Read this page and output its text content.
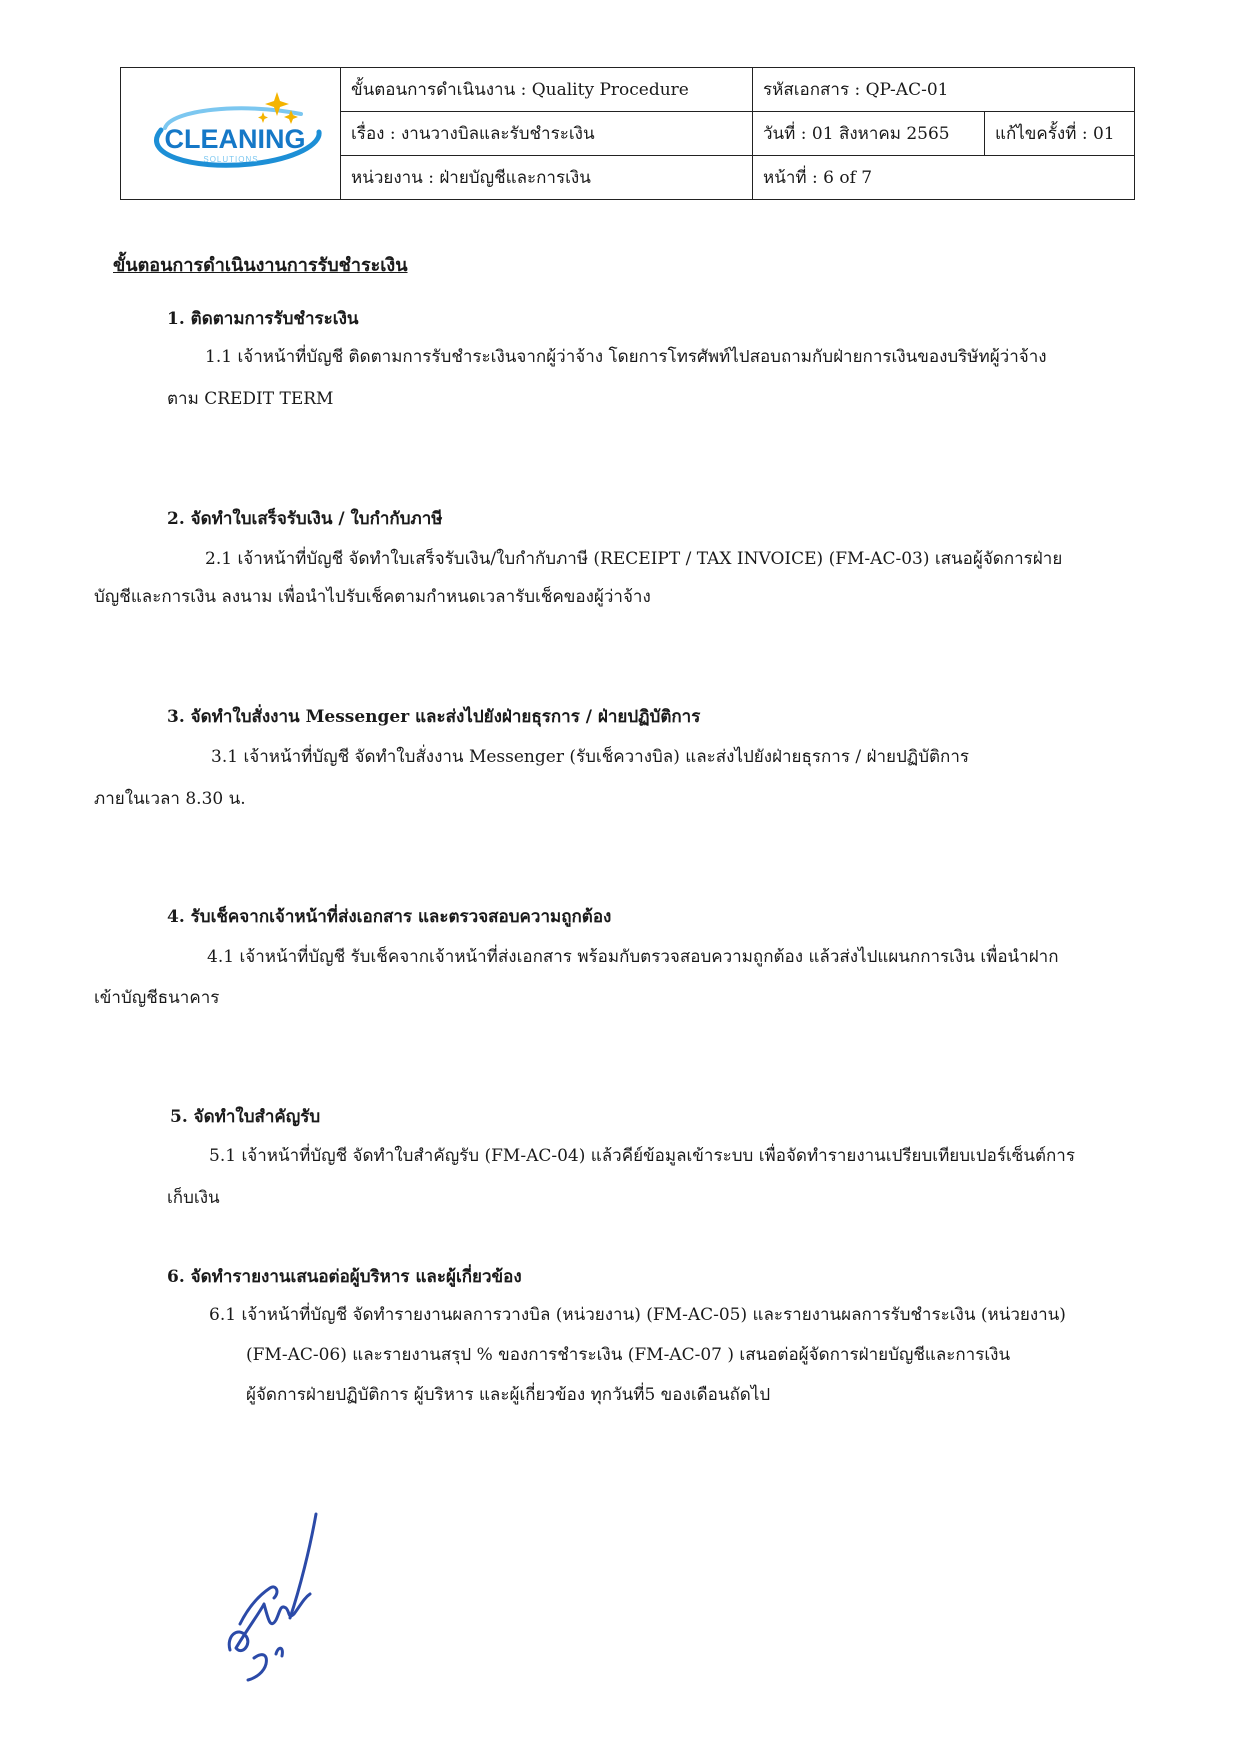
CLEANING
SOLUTIONS	ขั้นตอนการดำเนินงาน : Quality Procedure	รหัสเอกสาร : QP-AC-01	
	เรื่อง : งานวางบิลและรับชำระเงิน	วันที่ : 01 สิงหาคม 2565	แก้ไขครั้งที่ : 01
	หน่วยงาน : ฝ่ายบัญชีและการเงิน	หน้าที่ : 6 of 7	
ขั้นตอนการดำเนินงานการรับชำระเงิน
1. ติดตามการรับชำระเงิน
1.1 เจ้าหน้าที่บัญชี ติดตามการรับชำระเงินจากผู้ว่าจ้าง โดยการโทรศัพท์ไปสอบถามกับฝ่ายการเงินของบริษัทผู้ว่าจ้าง
ตาม CREDIT TERM
2. จัดทำใบเสร็จรับเงิน / ใบกำกับภาษี
2.1 เจ้าหน้าที่บัญชี จัดทำใบเสร็จรับเงิน/ใบกำกับภาษี (RECEIPT / TAX INVOICE) (FM-AC-03) เสนอผู้จัดการฝ่าย
บัญชีและการเงิน ลงนาม เพื่อนำไปรับเช็คตามกำหนดเวลารับเช็คของผู้ว่าจ้าง
3. จัดทำใบสั่งงาน Messenger และส่งไปยังฝ่ายธุรการ / ฝ่ายปฏิบัติการ
3.1 เจ้าหน้าที่บัญชี จัดทำใบสั่งงาน Messenger (รับเช็ควางบิล) และส่งไปยังฝ่ายธุรการ / ฝ่ายปฏิบัติการ
ภายในเวลา 8.30 น.
4. รับเช็คจากเจ้าหน้าที่ส่งเอกสาร และตรวจสอบความถูกต้อง
4.1 เจ้าหน้าที่บัญชี รับเช็คจากเจ้าหน้าที่ส่งเอกสาร พร้อมกับตรวจสอบความถูกต้อง แล้วส่งไปแผนกการเงิน เพื่อนำฝาก
เข้าบัญชีธนาคาร
5. จัดทำใบสำคัญรับ
5.1 เจ้าหน้าที่บัญชี จัดทำใบสำคัญรับ (FM-AC-04) แล้วคีย์ข้อมูลเข้าระบบ เพื่อจัดทำรายงานเปรียบเทียบเปอร์เซ็นต์การ
เก็บเงิน
6. จัดทำรายงานเสนอต่อผู้บริหาร และผู้เกี่ยวข้อง
6.1 เจ้าหน้าที่บัญชี จัดทำรายงานผลการวางบิล (หน่วยงาน) (FM-AC-05) และรายงานผลการรับชำระเงิน (หน่วยงาน)
(FM-AC-06) และรายงานสรุป % ของการชำระเงิน (FM-AC-07 ) เสนอต่อผู้จัดการฝ่ายบัญชีและการเงิน
ผู้จัดการฝ่ายปฏิบัติการ ผู้บริหาร และผู้เกี่ยวข้อง ทุกวันที่5 ของเดือนถัดไป
